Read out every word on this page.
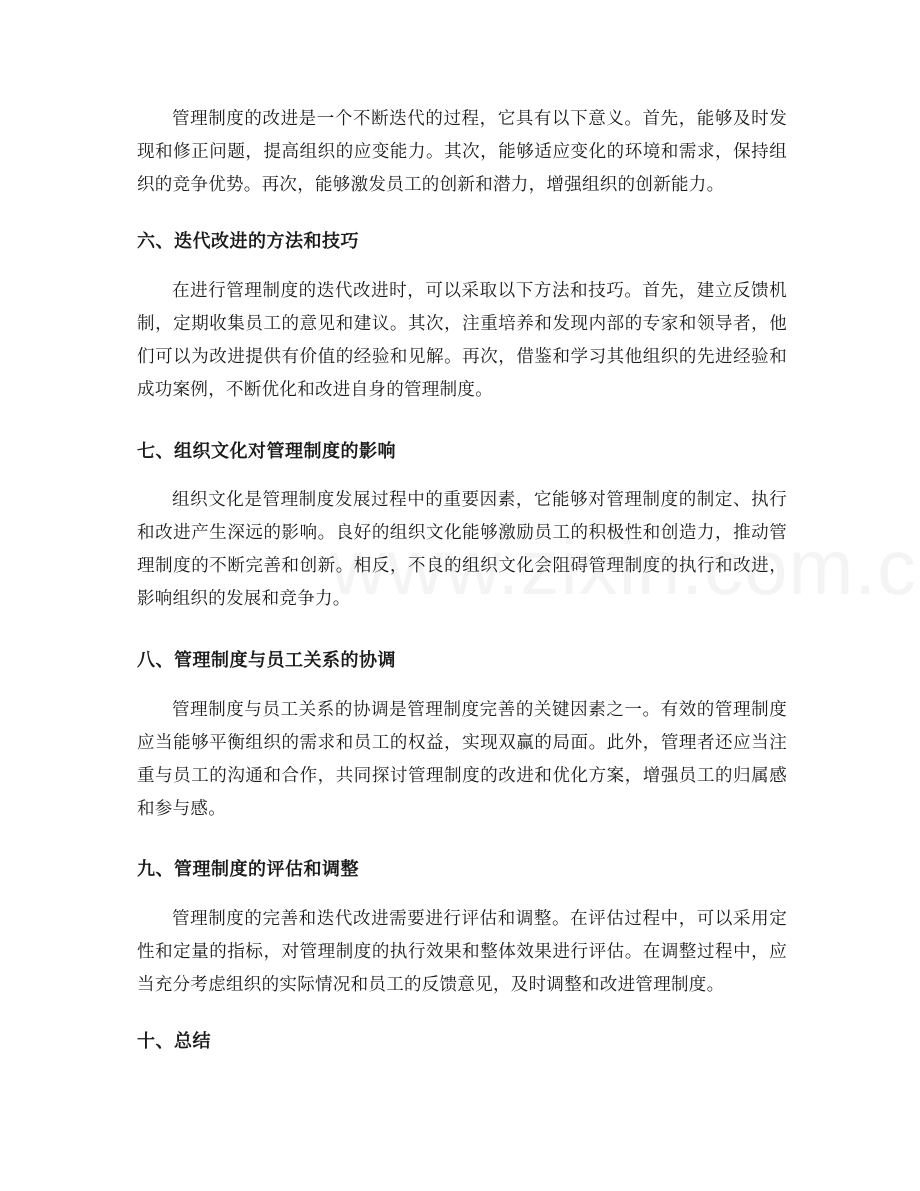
管理制度的改进是一个不断迭代的过程，它具有以下意义。首先，能够及时发现和修正问题，提高组织的应变能力。其次，能够适应变化的环境和需求，保持组织的竞争优势。再次，能够激发员工的创新和潜力，增强组织的创新能力。

六、迭代改进的方法和技巧

在进行管理制度的迭代改进时，可以采取以下方法和技巧。首先，建立反馈机制，定期收集员工的意见和建议。其次，注重培养和发现内部的专家和领导者，他们可以为改进提供有价值的经验和见解。再次，借鉴和学习其他组织的先进经验和成功案例，不断优化和改进自身的管理制度。

七、组织文化对管理制度的影响

组织文化是管理制度发展过程中的重要因素，它能够对管理制度的制定、执行和改进产生深远的影响。良好的组织文化能够激励员工的积极性和创造力，推动管理制度的不断完善和创新。相反，不良的组织文化会阻碍管理制度的执行和改进，影响组织的发展和竞争力。

八、管理制度与员工关系的协调

管理制度与员工关系的协调是管理制度完善的关键因素之一。有效的管理制度应当能够平衡组织的需求和员工的权益，实现双赢的局面。此外，管理者还应当注重与员工的沟通和合作，共同探讨管理制度的改进和优化方案，增强员工的归属感和参与感。

九、管理制度的评估和调整

管理制度的完善和迭代改进需要进行评估和调整。在评估过程中，可以采用定性和定量的指标，对管理制度的执行效果和整体效果进行评估。在调整过程中，应当充分考虑组织的实际情况和员工的反馈意见，及时调整和改进管理制度。

十、总结
